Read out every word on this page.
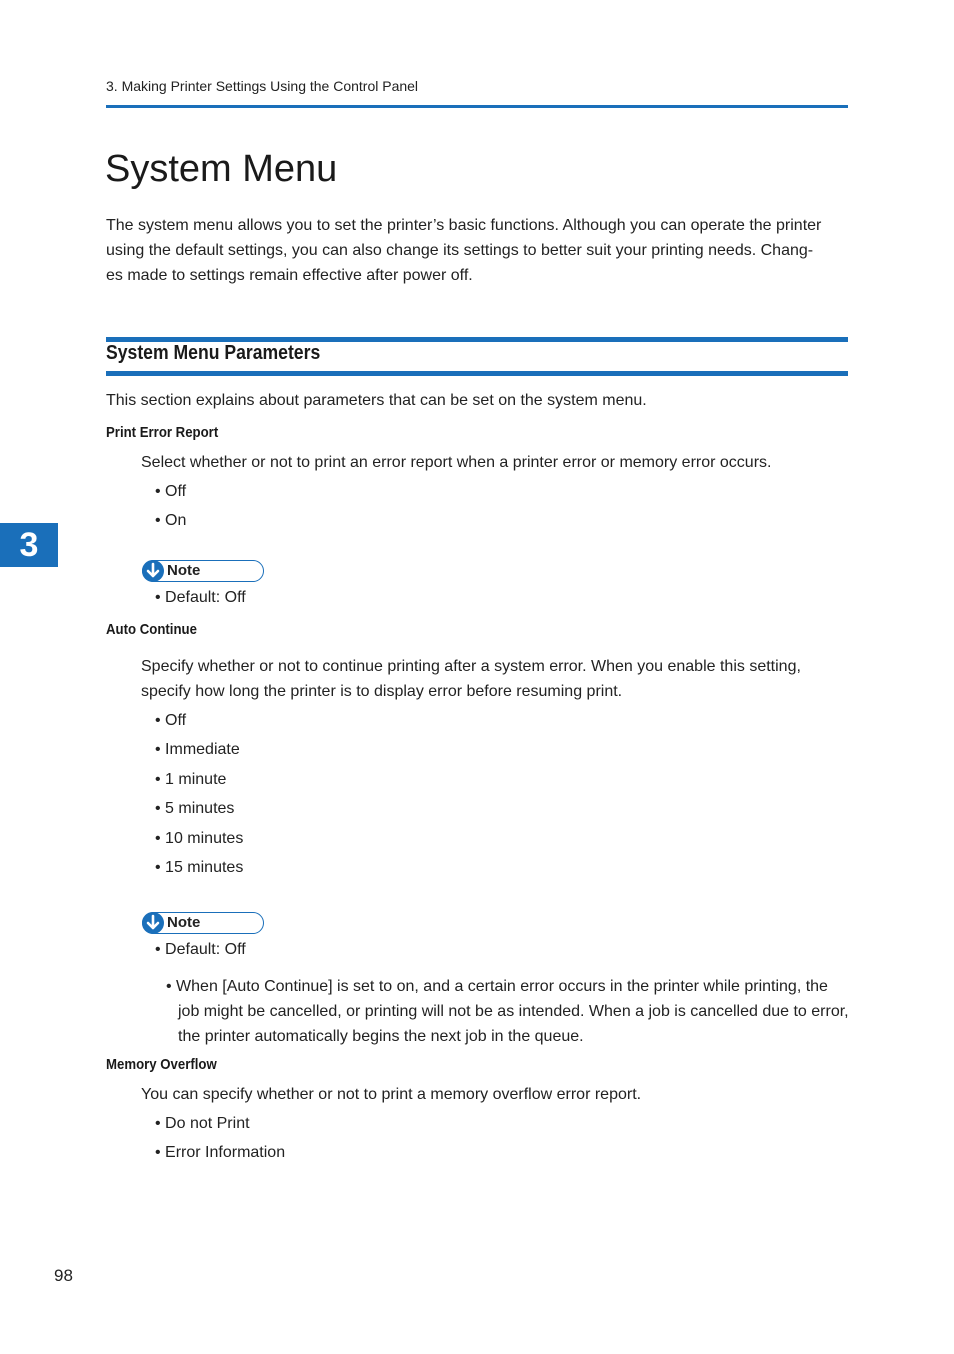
3. Making Printer Settings Using the Control Panel
System Menu
The system menu allows you to set the printer’s basic functions. Although you can operate the printer
using the default settings, you can also change its settings to better suit your printing needs. Chang-
es made to settings remain effective after power off.
System Menu Parameters

This section explains about parameters that can be set on the system menu.

Print Error Report

Select whether or not to print an error report when a printer error or memory error occurs.

• Off
• On
Note
• Default: Off
Auto Continue
Specify whether or not to continue printing after a system error. When you enable this setting,
specify how long the printer is to display error before resuming print.
• Off
• Immediate
• 1 minute
• 5 minutes
• 10 minutes
• 15 minutes
Note
• Default: Off
• When [Auto Continue] is set to on, and a certain error occurs in the printer while printing, the job might be cancelled, or printing will not be as intended. When a job is cancelled due to error, the printer automatically begins the next job in the queue.
Memory Overflow

You can specify whether or not to print a memory overflow error report.

• Do not Print
• Error Information
3
98
